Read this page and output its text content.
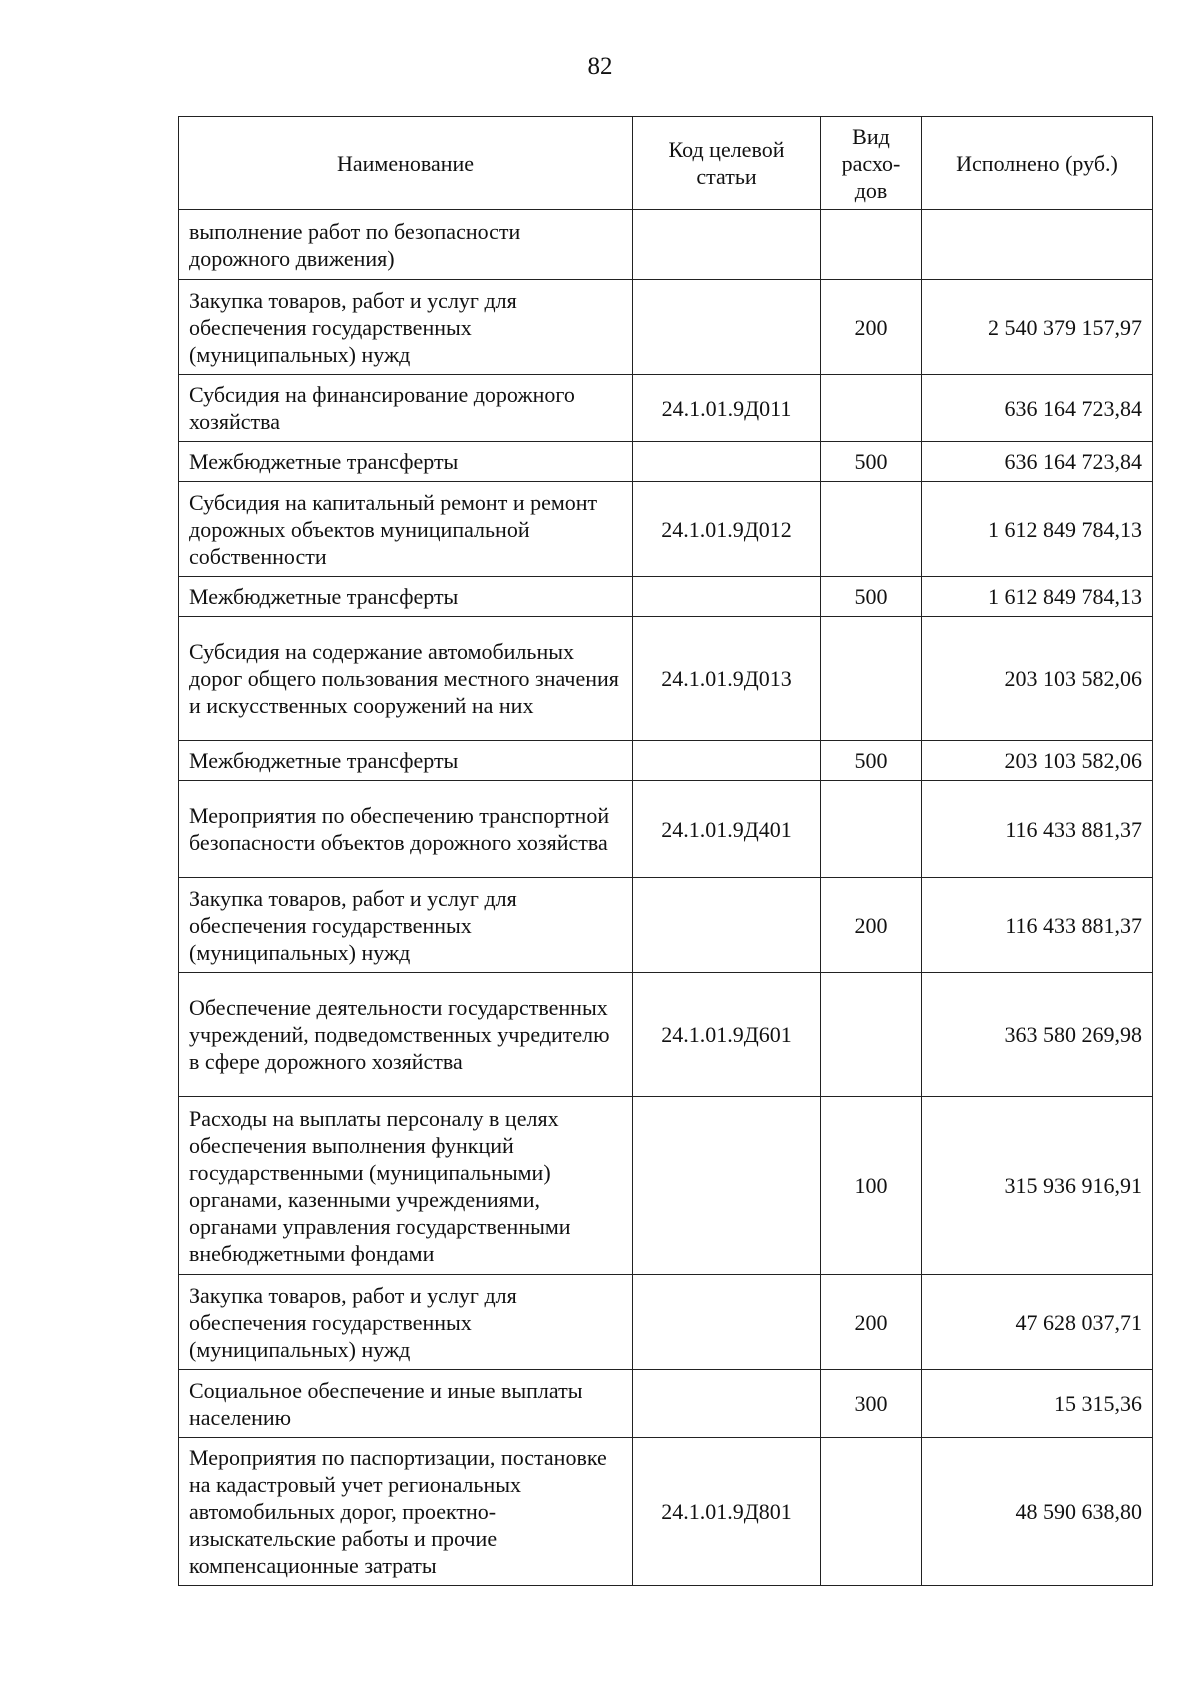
82
Наименование	Код целевой статьи	Вид расхо-дов	Исполнено (руб.)
выполнение работ по безопасности дорожного движения)			
Закупка товаров, работ и услуг для обеспечения государственных (муниципальных) нужд		200	2 540 379 157,97
Субсидия на финансирование дорожного хозяйства	24.1.01.9Д011		636 164 723,84
Межбюджетные трансферты		500	636 164 723,84
Субсидия на капитальный ремонт и ремонт дорожных объектов муниципальной собственности	24.1.01.9Д012		1 612 849 784,13
Межбюджетные трансферты		500	1 612 849 784,13
Субсидия на содержание автомобильных дорог общего пользования местного значения и искусственных сооружений на них	24.1.01.9Д013		203 103 582,06
Межбюджетные трансферты		500	203 103 582,06
Мероприятия по обеспечению транспортной безопасности объектов дорожного хозяйства	24.1.01.9Д401		116 433 881,37
Закупка товаров, работ и услуг для обеспечения государственных (муниципальных) нужд		200	116 433 881,37
Обеспечение деятельности государственных учреждений, подведомственных учредителю в сфере дорожного хозяйства	24.1.01.9Д601		363 580 269,98
Расходы на выплаты персоналу в целях обеспечения выполнения функций государственными (муниципальными) органами, казенными учреждениями, органами управления государственными внебюджетными фондами		100	315 936 916,91
Закупка товаров, работ и услуг для обеспечения государственных (муниципальных) нужд		200	47 628 037,71
Социальное обеспечение и иные выплаты населению		300	15 315,36
Мероприятия по паспортизации, постановке на кадастровый учет региональных автомобильных дорог, проектно-изыскательские работы и прочие компенсационные затраты	24.1.01.9Д801		48 590 638,80
